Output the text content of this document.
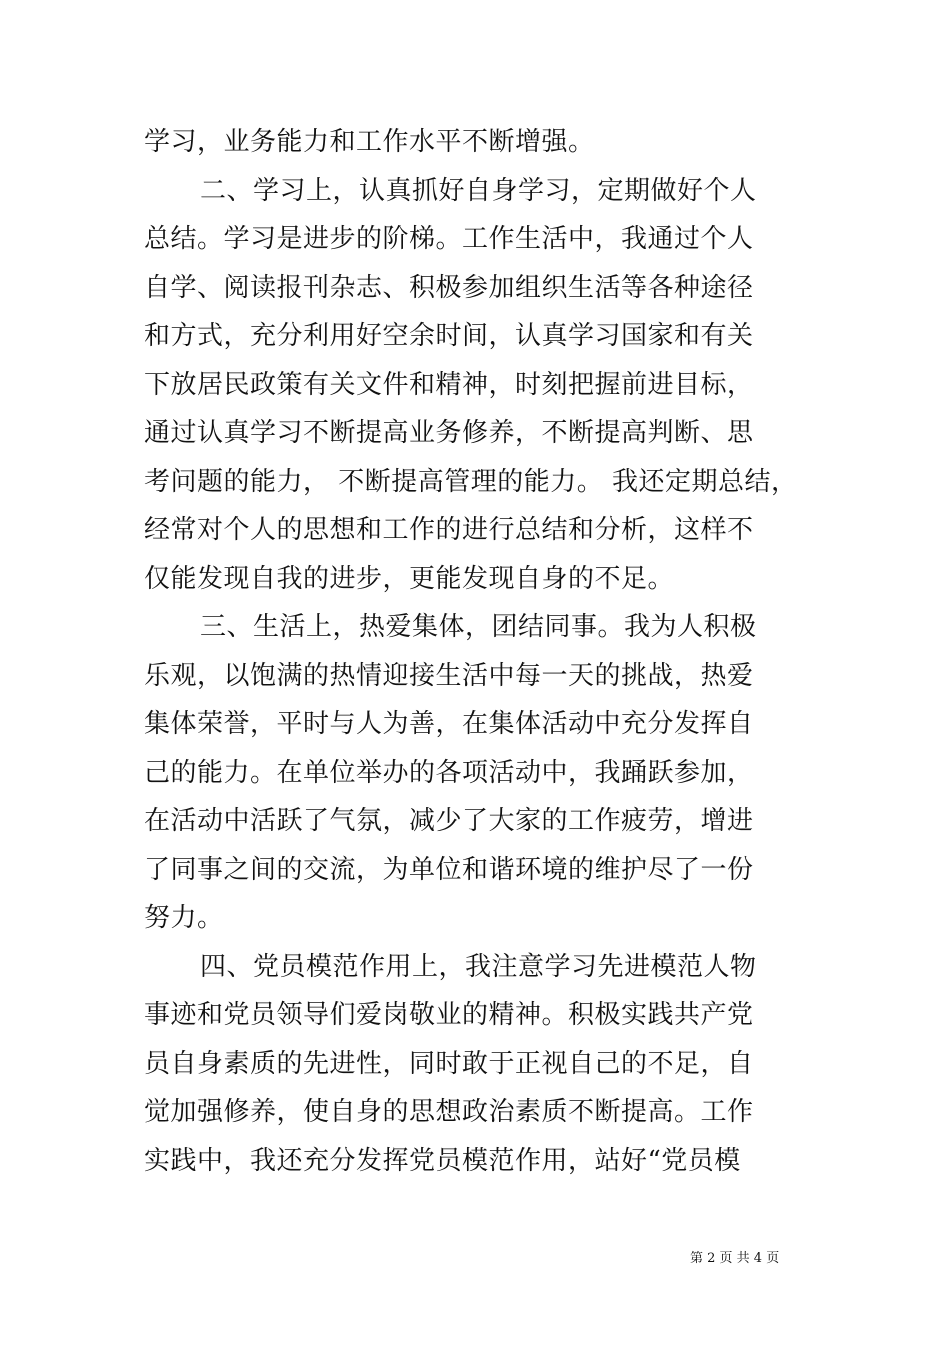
学习，业务能力和工作水平不断增强。
二、学习上，认真抓好自身学习，定期做好个人
总结。学习是进步的阶梯。工作生活中，我通过个人
自学、阅读报刊杂志、积极参加组织生活等各种途径
和方式，充分利用好空余时间，认真学习国家和有关
下放居民政策有关文件和精神，时刻把握前进目标，
通过认真学习不断提高业务修养，不断提高判断、思
考问题的能力， 不断提高管理的能力。 我还定期总结，
经常对个人的思想和工作的进行总结和分析，这样不
仅能发现自我的进步，更能发现自身的不足。
三、生活上，热爱集体，团结同事。我为人积极
乐观，以饱满的热情迎接生活中每一天的挑战，热爱
集体荣誉，平时与人为善，在集体活动中充分发挥自
己的能力。在单位举办的各项活动中，我踊跃参加，
在活动中活跃了气氛，减少了大家的工作疲劳，增进
了同事之间的交流，为单位和谐环境的维护尽了一份
努力。
四、党员模范作用上，我注意学习先进模范人物
事迹和党员领导们爱岗敬业的精神。积极实践共产党
员自身素质的先进性，同时敢于正视自己的不足，自
觉加强修养，使自身的思想政治素质不断提高。工作
实践中，我还充分发挥党员模范作用，站好“党员模
第 2 页 共 4 页
